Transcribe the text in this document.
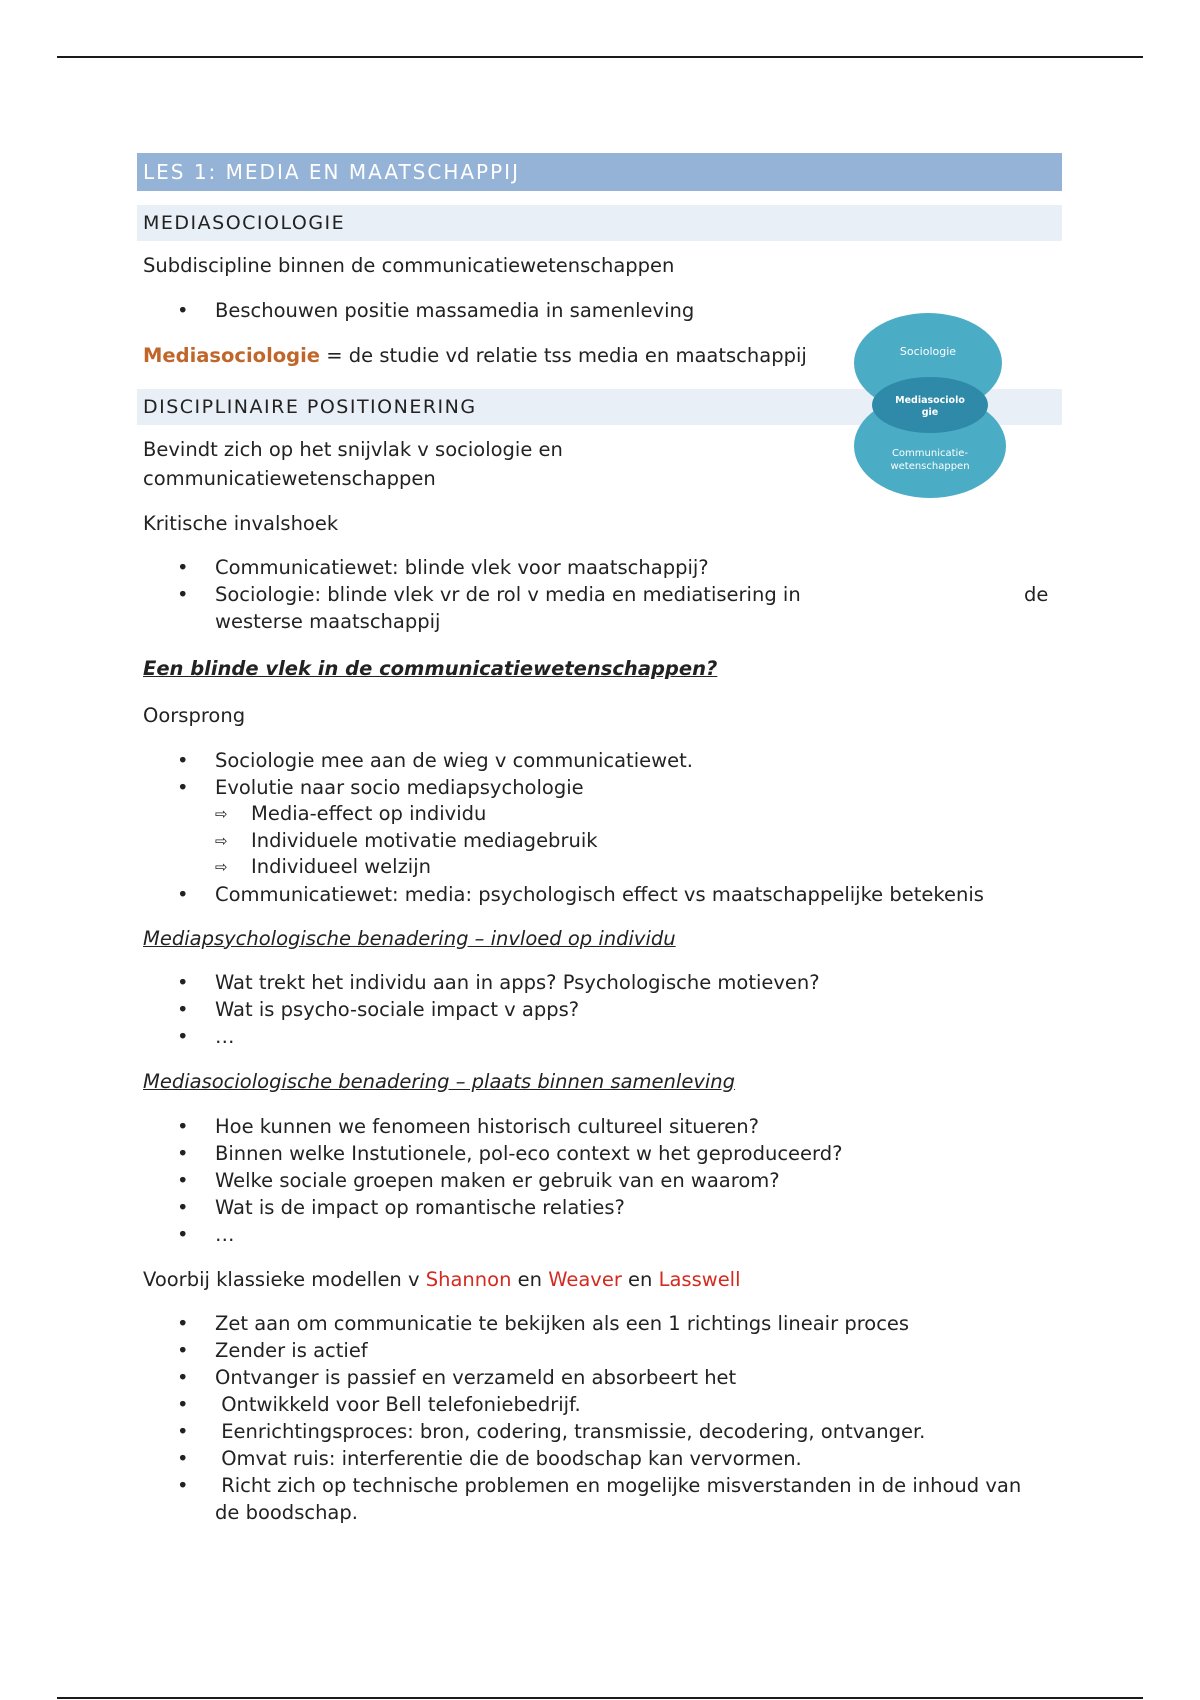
LES 1: MEDIA EN MAATSCHAPPIJ
MEDIASOCIOLOGIE

Subdiscipline binnen de communicatiewetenschappen

• Beschouwen positie massamedia in samenleving

Mediasociologie = de studie vd relatie tss media en maatschappij

DISCIPLINAIRE POSITIONERING

Bevindt zich op het snijvlak v sociologie en

communicatiewetenschappen

Kritische invalshoek

• Communicatiewet: blinde vlek voor maatschappij?
• Sociologie: blinde vlek vr de rol v media en mediatisering in	de

westerse maatschappij

Een blinde vlek in de communicatiewetenschappen?

Oorsprong

• Sociologie mee aan de wieg v communicatiewet.
• Evolutie naar socio mediapsychologie
⇨ Media-effect op individu
⇨ Individuele motivatie mediagebruik
⇨ Individueel welzijn
• Communicatiewet: media: psychologisch effect vs maatschappelijke betekenis

Mediapsychologische benadering – invloed op individu

• Wat trekt het individu aan in apps? Psychologische motieven?
• Wat is psycho-sociale impact v apps?
• …

Mediasociologische benadering – plaats binnen samenleving

• Hoe kunnen we fenomeen historisch cultureel situeren?
• Binnen welke Instutionele, pol-eco context w het geproduceerd?
• Welke sociale groepen maken er gebruik van en waarom?
• Wat is de impact op romantische relaties?
• …

Voorbij klassieke modellen v Shannon en Weaver en Lasswell

• Zet aan om communicatie te bekijken als een 1 richtings lineair proces
• Zender is actief
• Ontvanger is passief en verzameld en absorbeert het
• Ontwikkeld voor Bell telefoniebedrijf.
• Eenrichtingsproces: bron, codering, transmissie, decodering, ontvanger.
• Omvat ruis: interferentie die de boodschap kan vervormen.
• Richt zich op technische problemen en mogelijke misverstanden in de inhoud van
de boodschap.
Sociologie
Mediasociolo
gie
Communicatie-
wetenschappen
